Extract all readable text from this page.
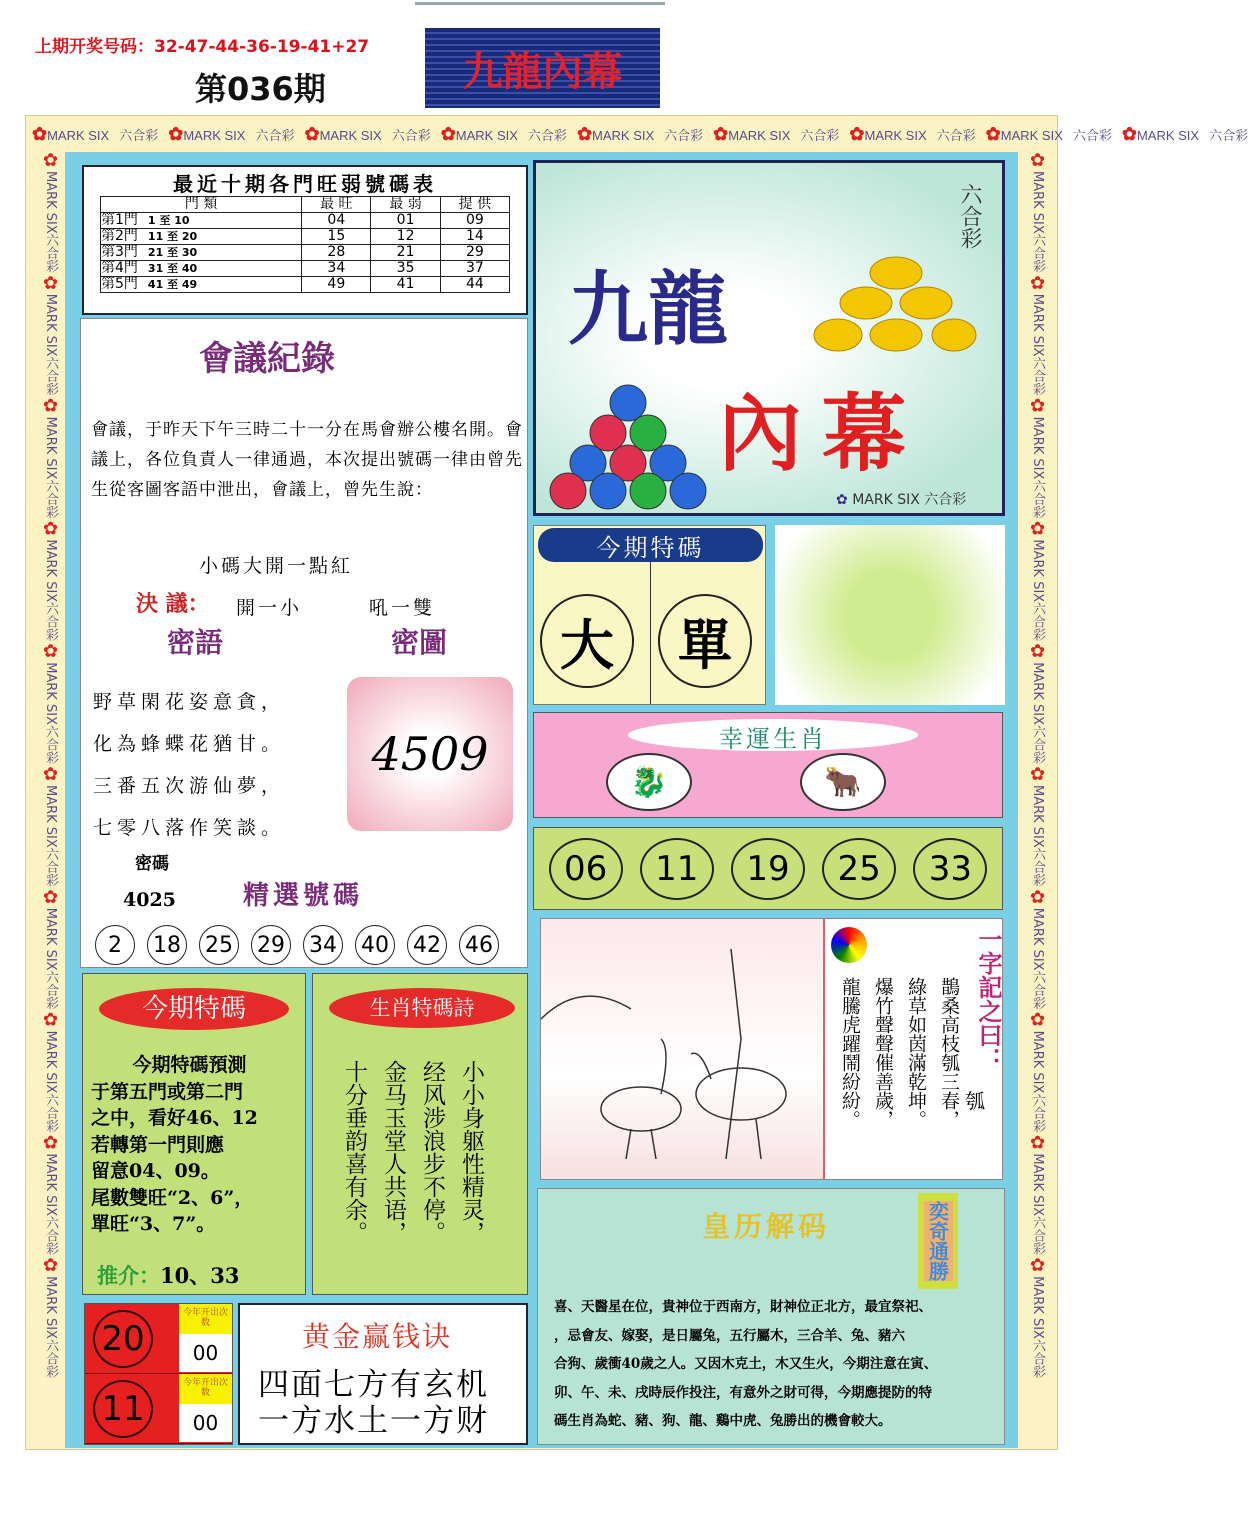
上期开奖号码：32-47-44-36-19-41+27
第036期	九龍內幕
✿MARK SIX 六合彩 ✿MARK SIX 六合彩 ✿MARK SIX 六合彩 ✿MARK SIX 六合彩 ✿MARK SIX 六合彩 ✿MARK SIX 六合彩 ✿MARK SIX 六合彩 ✿MARK SIX 六合彩 ✿MARK SIX 六合彩
✿MARK SIX六合彩✿MARK SIX六合彩✿MARK SIX六合彩✿MARK SIX六合彩✿MARK SIX六合彩✿MARK SIX六合彩✿MARK SIX六合彩✿MARK SIX六合彩✿MARK SIX六合彩✿MARK SIX六合彩
✿MARK SIX六合彩✿MARK SIX六合彩✿MARK SIX六合彩✿MARK SIX六合彩✿MARK SIX六合彩✿MARK SIX六合彩✿MARK SIX六合彩✿MARK SIX六合彩✿MARK SIX六合彩✿MARK SIX六合彩
最近十期各門旺弱號碼表
門 類	最 旺	最 弱	提 供
第1門 1 至 10	04	01	09
第2門 11 至 20	15	12	14
第3門 21 至 30	28	21	29
第4門 31 至 40	34	35	37
第5門 41 至 49	49	41	44
會議紀錄
會議，于昨天下午三時二十一分在馬會辦公樓名開。會議上，各位負責人一律通過，本次提出號碼一律由曾先生從客圖客語中泄出，會議上，曾先生說：
小碼大開一點紅
決 議： 開一小	吼一雙
密語	密圖
野草閑花姿意貪，
化為蜂蝶花猶甘。
三番五次游仙夢，
七零八落作笑談。
4509
密碼
4025	精選號碼
2	18 25 29 34 40 42 46
九龍
內幕
六合彩
✿ MARK SIX 六合彩
今期特碼
大	單
幸運生肖
🐉	🐂
06	11	19	25	33
一字記之曰：
瓠
鵲桑高枝瓠三春，
綠草如茵滿乾坤。
爆竹聲聲催善歲，
龍騰虎躍鬧紛紛。
皇历解码	奕奇通勝
喜、天醫星在位，貴神位于西南方，財神位正北方，最宜祭祀、
，忌會友、嫁娶，是日屬兔，五行屬木，三合羊、兔、豬六
合狗、歲衝40歲之人。又因木克土，木又生火，今期注意在寅、
卯、午、未、戌時辰作投注，有意外之財可得，今期應提防的特
碼生肖為蛇、豬、狗、龍、鷄中虎、兔勝出的機會較大。
今期特碼
今期特碼預測
于第五門或第二門
之中，看好46、12
若轉第一門則應
留意04、09。
尾數雙旺“2、6”，
單旺“3、7”。
推介：10、33
生肖特碼詩
小小身躯性精灵，
经风涉浪步不停。
金马玉堂人共语，
十分垂韵喜有余。
20
今年开出次数
00
11
今年开出次数
00
黄金赢钱诀
四面七方有玄机
一方水土一方财
